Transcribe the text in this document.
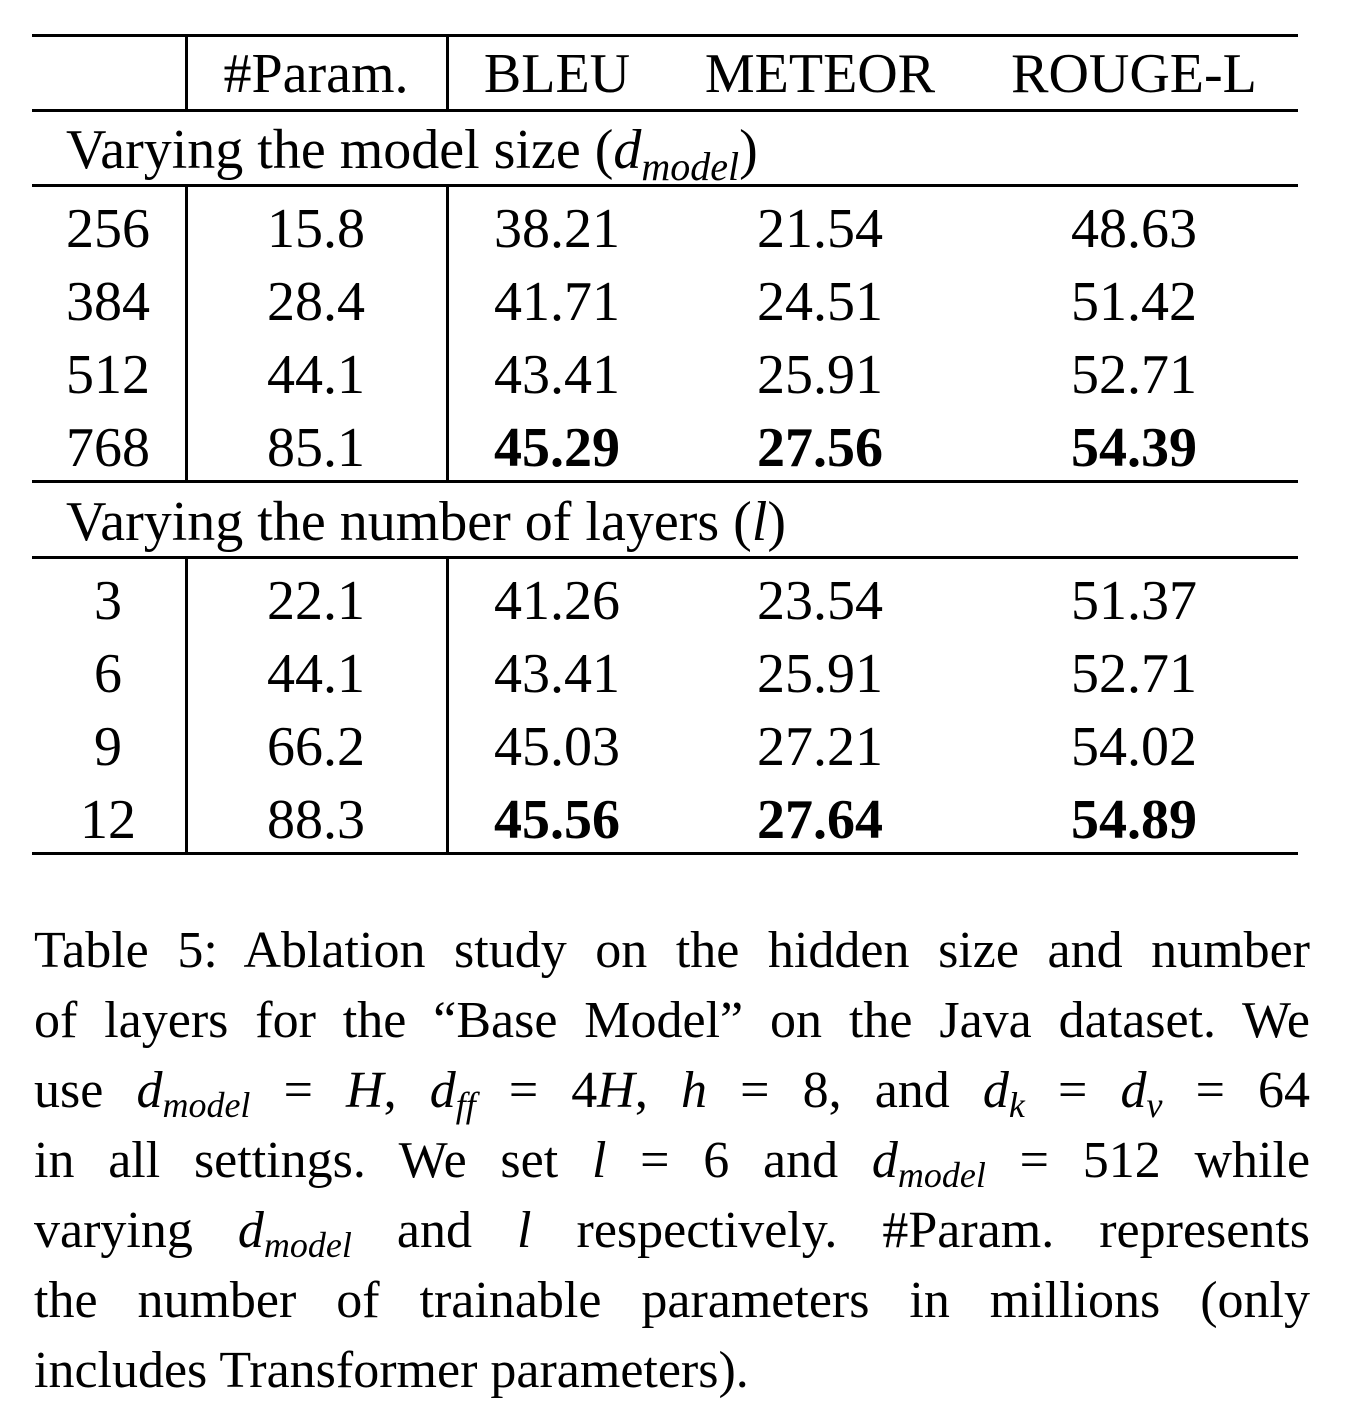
#Param. BLEU METEOR ROUGE-L
Varying the model size $(d_{model})$
Varying the number of layers (l)
256 15.8 38.21 21.54	48.63
384 28.4 41.71 24.51	51.42
512 44.1 43.41 25.91	52.71
768 85.1 45.29 27.56	54.39
3	22.1 41.26 23.54	51.37
6	44.1 43.41 25.91	52.71
9	66.2 45.03 27.21	54.02
12 88.3 45.56 27.64	54.89
Table 5: Ablation study on the hidden size and number
of layers for the “Base Model” on the Java dataset. We
use dmodel = H, dff = 4H, h = 8, and dk = dv = 64
in all settings. We set l = 6 and dmodel = 512 while
varying dmodel and l respectively. #Param. represents
the number of trainable parameters in millions (only
includes Transformer parameters).
